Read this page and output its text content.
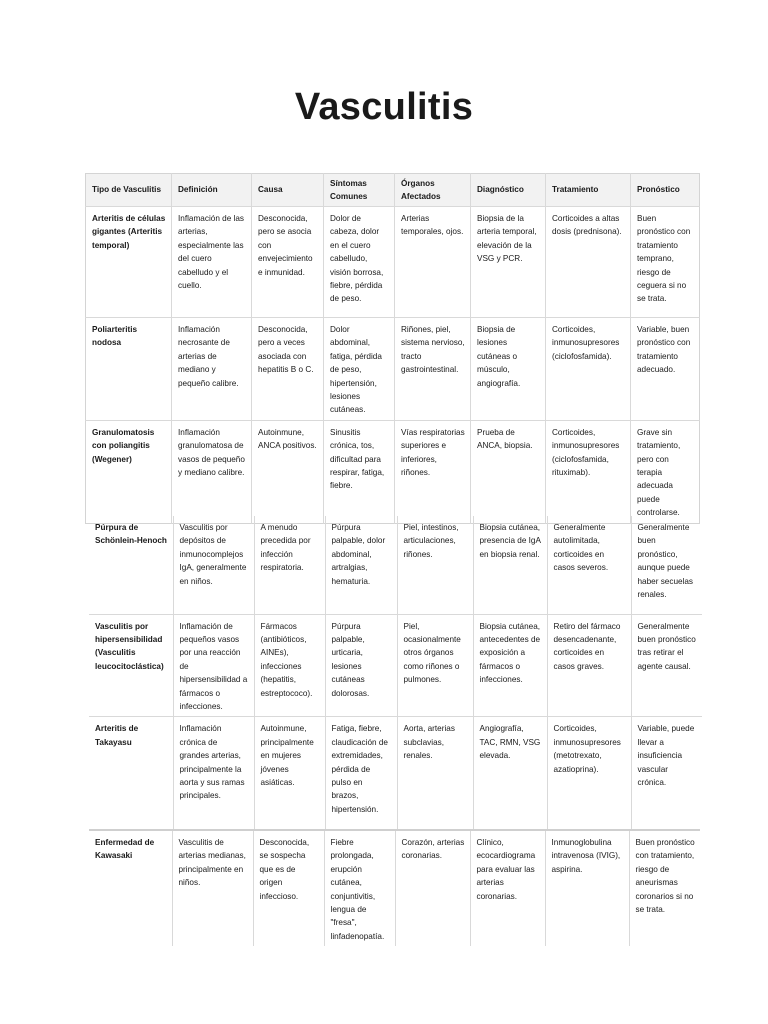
Vasculitis
Tipo de Vasculitis	Definición	Causa	Síntomas Comunes	Órganos Afectados	Diagnóstico	Tratamiento	Pronóstico
Arteritis de células gigantes (Arteritis temporal)	Inflamación de las arterias, especialmente las del cuero cabelludo y el cuello.	Desconocida, pero se asocia con envejecimiento e inmunidad.	Dolor de cabeza, dolor en el cuero cabelludo, visión borrosa, fiebre, pérdida de peso.	Arterias temporales, ojos.	Biopsia de la arteria temporal, elevación de la VSG y PCR.	Corticoides a altas dosis (prednisona).	Buen pronóstico con tratamiento temprano, riesgo de ceguera si no se trata.
Poliarteritis nodosa	Inflamación necrosante de arterias de mediano y pequeño calibre.	Desconocida, pero a veces asociada con hepatitis B o C.	Dolor abdominal, fatiga, pérdida de peso, hipertensión, lesiones cutáneas.	Riñones, piel, sistema nervioso, tracto gastrointestinal.	Biopsia de lesiones cutáneas o músculo, angiografía.	Corticoides, inmunosupresores (ciclofosfamida).	Variable, buen pronóstico con tratamiento adecuado.
Granulomatosis con poliangitis (Wegener)	Inflamación granulomatosa de vasos de pequeño y mediano calibre.	Autoinmune, ANCA positivos.	Sinusitis crónica, tos, dificultad para respirar, fatiga, fiebre.	Vías respiratorias superiores e inferiores, riñones.	Prueba de ANCA, biopsia.	Corticoides, inmunosupresores (ciclofosfamida, rituximab).	Grave sin tratamiento, pero con terapia adecuada puede controlarse.
Púrpura de Schönlein-Henoch	Vasculitis por depósitos de inmunocomplejos IgA, generalmente en niños.	A menudo precedida por infección respiratoria.	Púrpura palpable, dolor abdominal, artralgias, hematuria.	Piel, intestinos, articulaciones, riñones.	Biopsia cutánea, presencia de IgA en biopsia renal.	Generalmente autolimitada, corticoides en casos severos.	Generalmente buen pronóstico, aunque puede haber secuelas renales.
Vasculitis por hipersensibilidad (Vasculitis leucocitoclástica)	Inflamación de pequeños vasos por una reacción de hipersensibilidad a fármacos o infecciones.	Fármacos (antibióticos, AINEs), infecciones (hepatitis, estreptococo).	Púrpura palpable, urticaria, lesiones cutáneas dolorosas.	Piel, ocasionalmente otros órganos como riñones o pulmones.	Biopsia cutánea, antecedentes de exposición a fármacos o infecciones.	Retiro del fármaco desencadenante, corticoides en casos graves.	Generalmente buen pronóstico tras retirar el agente causal.
Arteritis de Takayasu	Inflamación crónica de grandes arterias, principalmente la aorta y sus ramas principales.	Autoinmune, principalmente en mujeres jóvenes asiáticas.	Fatiga, fiebre, claudicación de extremidades, pérdida de pulso en brazos, hipertensión.	Aorta, arterias subclavias, renales.	Angiografía, TAC, RMN, VSG elevada.	Corticoides, inmunosupresores (metotrexato, azatioprina).	Variable, puede llevar a insuficiencia vascular crónica.
Enfermedad de Kawasaki	Vasculitis de arterias medianas, principalmente en niños.	Desconocida, se sospecha que es de origen infeccioso.	Fiebre prolongada, erupción cutánea, conjuntivitis, lengua de "fresa", linfadenopatía.	Corazón, arterias coronarias.	Clínico, ecocardiograma para evaluar las arterias coronarias.	Inmunoglobulina intravenosa (IVIG), aspirina.	Buen pronóstico con tratamiento, riesgo de aneurismas coronarios si no se trata.
